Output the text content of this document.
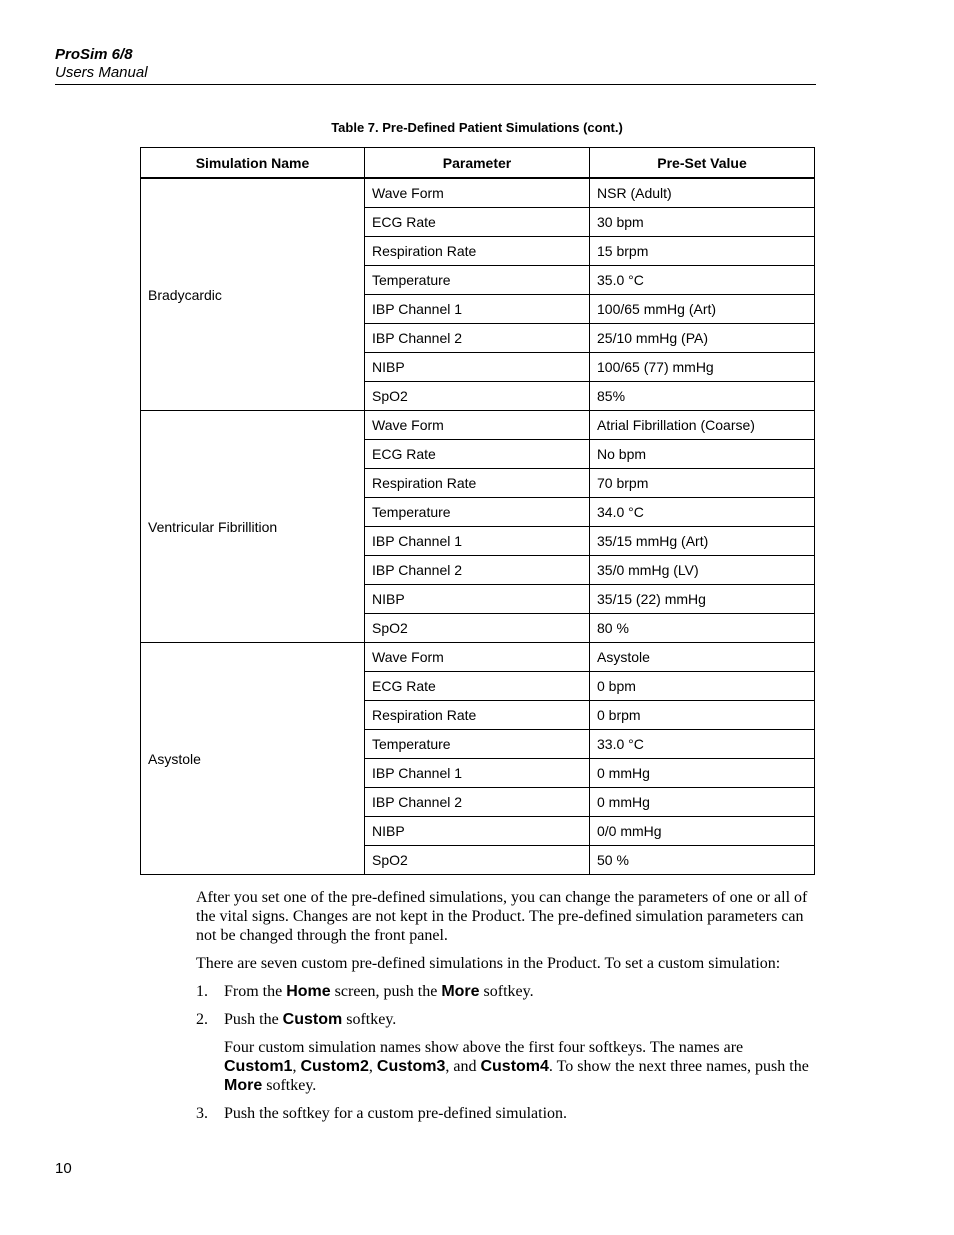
ProSim 6/8
Users Manual
Table 7. Pre-Defined Patient Simulations (cont.)
Simulation Name	Parameter	Pre-Set Value
Bradycardic	Wave Form	NSR (Adult)
	ECG Rate	30 bpm
	Respiration Rate	15 brpm
	Temperature	35.0 °C
	IBP Channel 1	100/65 mmHg (Art)
	IBP Channel 2	25/10 mmHg (PA)
	NIBP	100/65 (77) mmHg
	SpO2	85%
Ventricular Fibrillition	Wave Form	Atrial Fibrillation (Coarse)
	ECG Rate	No bpm
	Respiration Rate	70 brpm
	Temperature	34.0 °C
	IBP Channel 1	35/15 mmHg (Art)
	IBP Channel 2	35/0 mmHg (LV)
	NIBP	35/15 (22) mmHg
	SpO2	80 %
Asystole	Wave Form	Asystole
	ECG Rate	0 bpm
	Respiration Rate	0 brpm
	Temperature	33.0 °C
	IBP Channel 1	0 mmHg
	IBP Channel 2	0 mmHg
	NIBP	0/0 mmHg
	SpO2	50 %

After you set one of the pre-defined simulations, you can change the parameters of one or all of the vital signs. Changes are not kept in the Product. The pre-defined simulation parameters can not be changed through the front panel.

There are seven custom pre-defined simulations in the Product. To set a custom simulation:

1. From the Home screen, push the More softkey.
2. Push the Custom softkey.
Four custom simulation names show above the first four softkeys. The names are Custom1, Custom2, Custom3, and Custom4. To show the next three names, push the More softkey.
3. Push the softkey for a custom pre-defined simulation.
10
